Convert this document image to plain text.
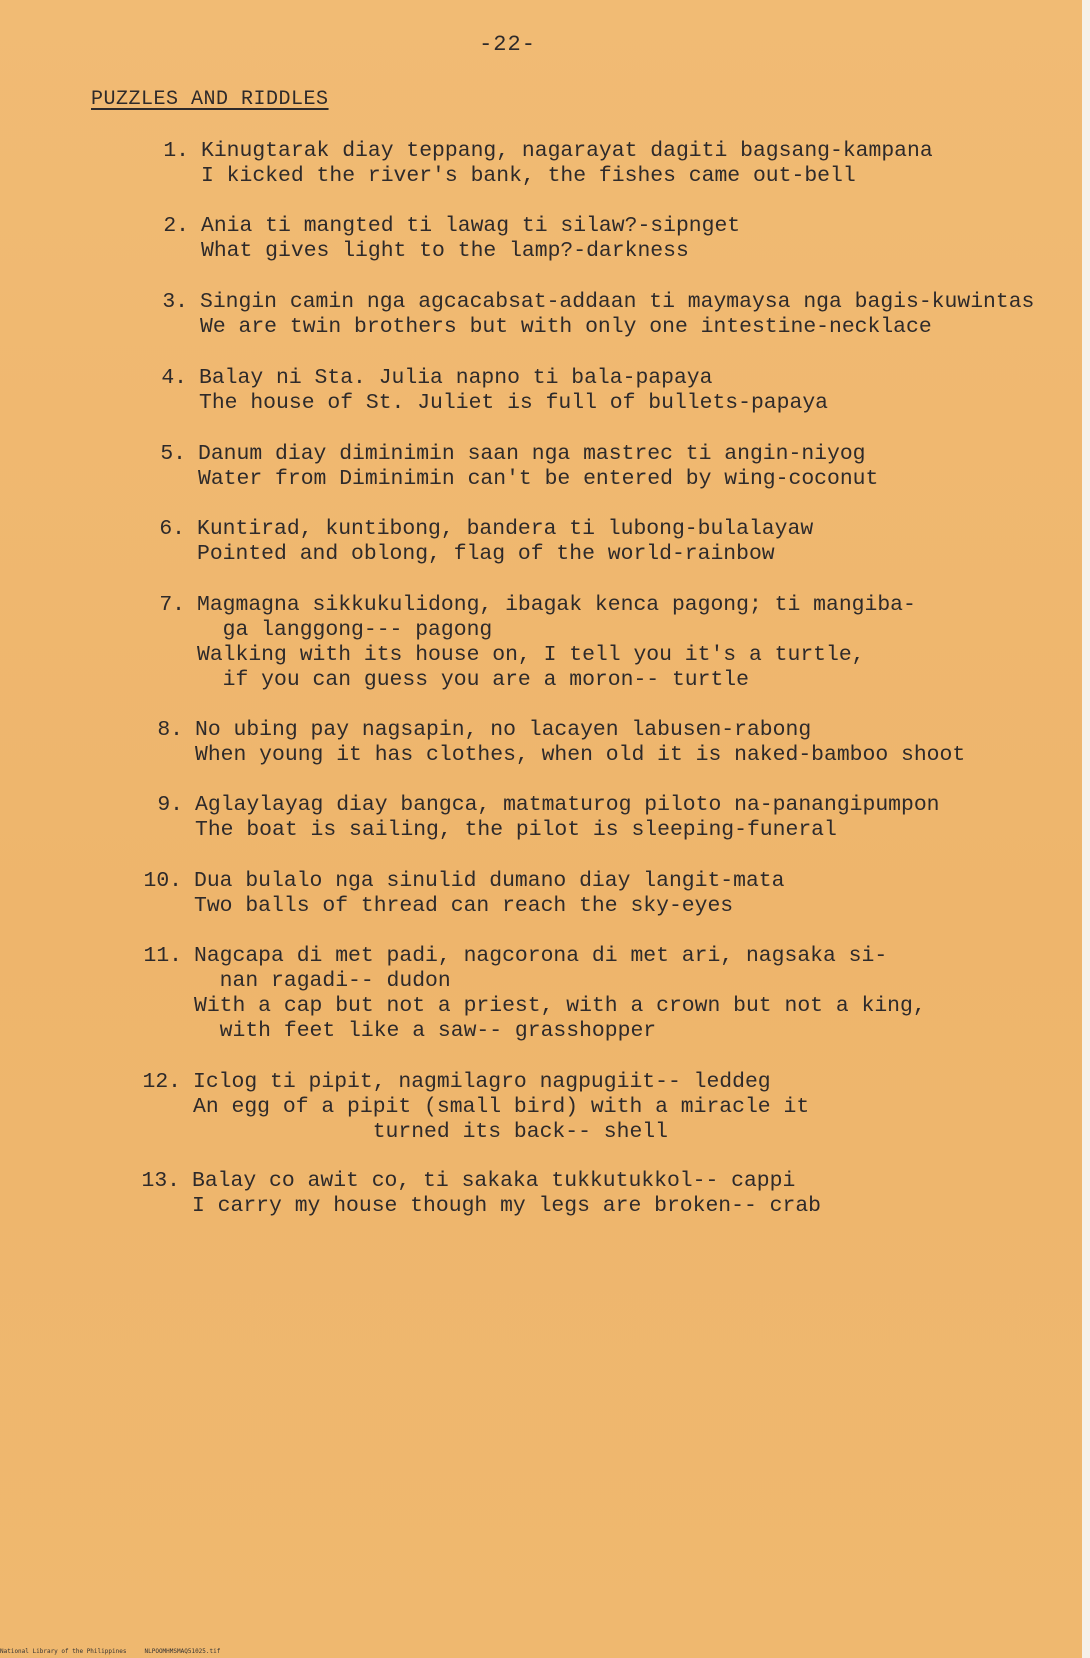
-22-
PUZZLES AND RIDDLES
1. Kinugtarak diay teppang, nagarayat dagiti bagsang-kampana
I kicked the river's bank, the fishes came out-bell
2. Ania ti mangted ti lawag ti silaw?-sipnget
What gives light to the lamp?-darkness
3. Singin camin nga agcacabsat-addaan ti maymaysa nga bagis-kuwintas
We are twin brothers but with only one intestine-necklace
4. Balay ni Sta. Julia napno ti bala-papaya
The house of St. Juliet is full of bullets-papaya
5. Danum diay diminimin saan nga mastrec ti angin-niyog
Water from Diminimin can't be entered by wing-coconut
6. Kuntirad, kuntibong, bandera ti lubong-bulalayaw
Pointed and oblong, flag of the world-rainbow
7. Magmagna sikkukulidong, ibagak kenca pagong; ti mangiba-
ga langgong--- pagong
Walking with its house on, I tell you it's a turtle,
if you can guess you are a moron-- turtle
8. No ubing pay nagsapin, no lacayen labusen-rabong
When young it has clothes, when old it is naked-bamboo shoot
9. Aglaylayag diay bangca, matmaturog piloto na-panangipumpon
The boat is sailing, the pilot is sleeping-funeral
10. Dua bulalo nga sinulid dumano diay langit-mata
Two balls of thread can reach the sky-eyes
11. Nagcapa di met padi, nagcorona di met ari, nagsaka si-
nan ragadi-- dudon
With a cap but not a priest, with a crown but not a king,
with feet like a saw-- grasshopper
12. Iclog ti pipit, nagmilagro nagpugiit-- leddeg
An egg of a pipit (small bird) with a miracle it
turned its back-- shell
13. Balay co awit co, ti sakaka tukkutukkol-- cappi
I carry my house though my legs are broken-- crab
National Library of the Philippines     NLPOOMHMSMAQ51025.tif
